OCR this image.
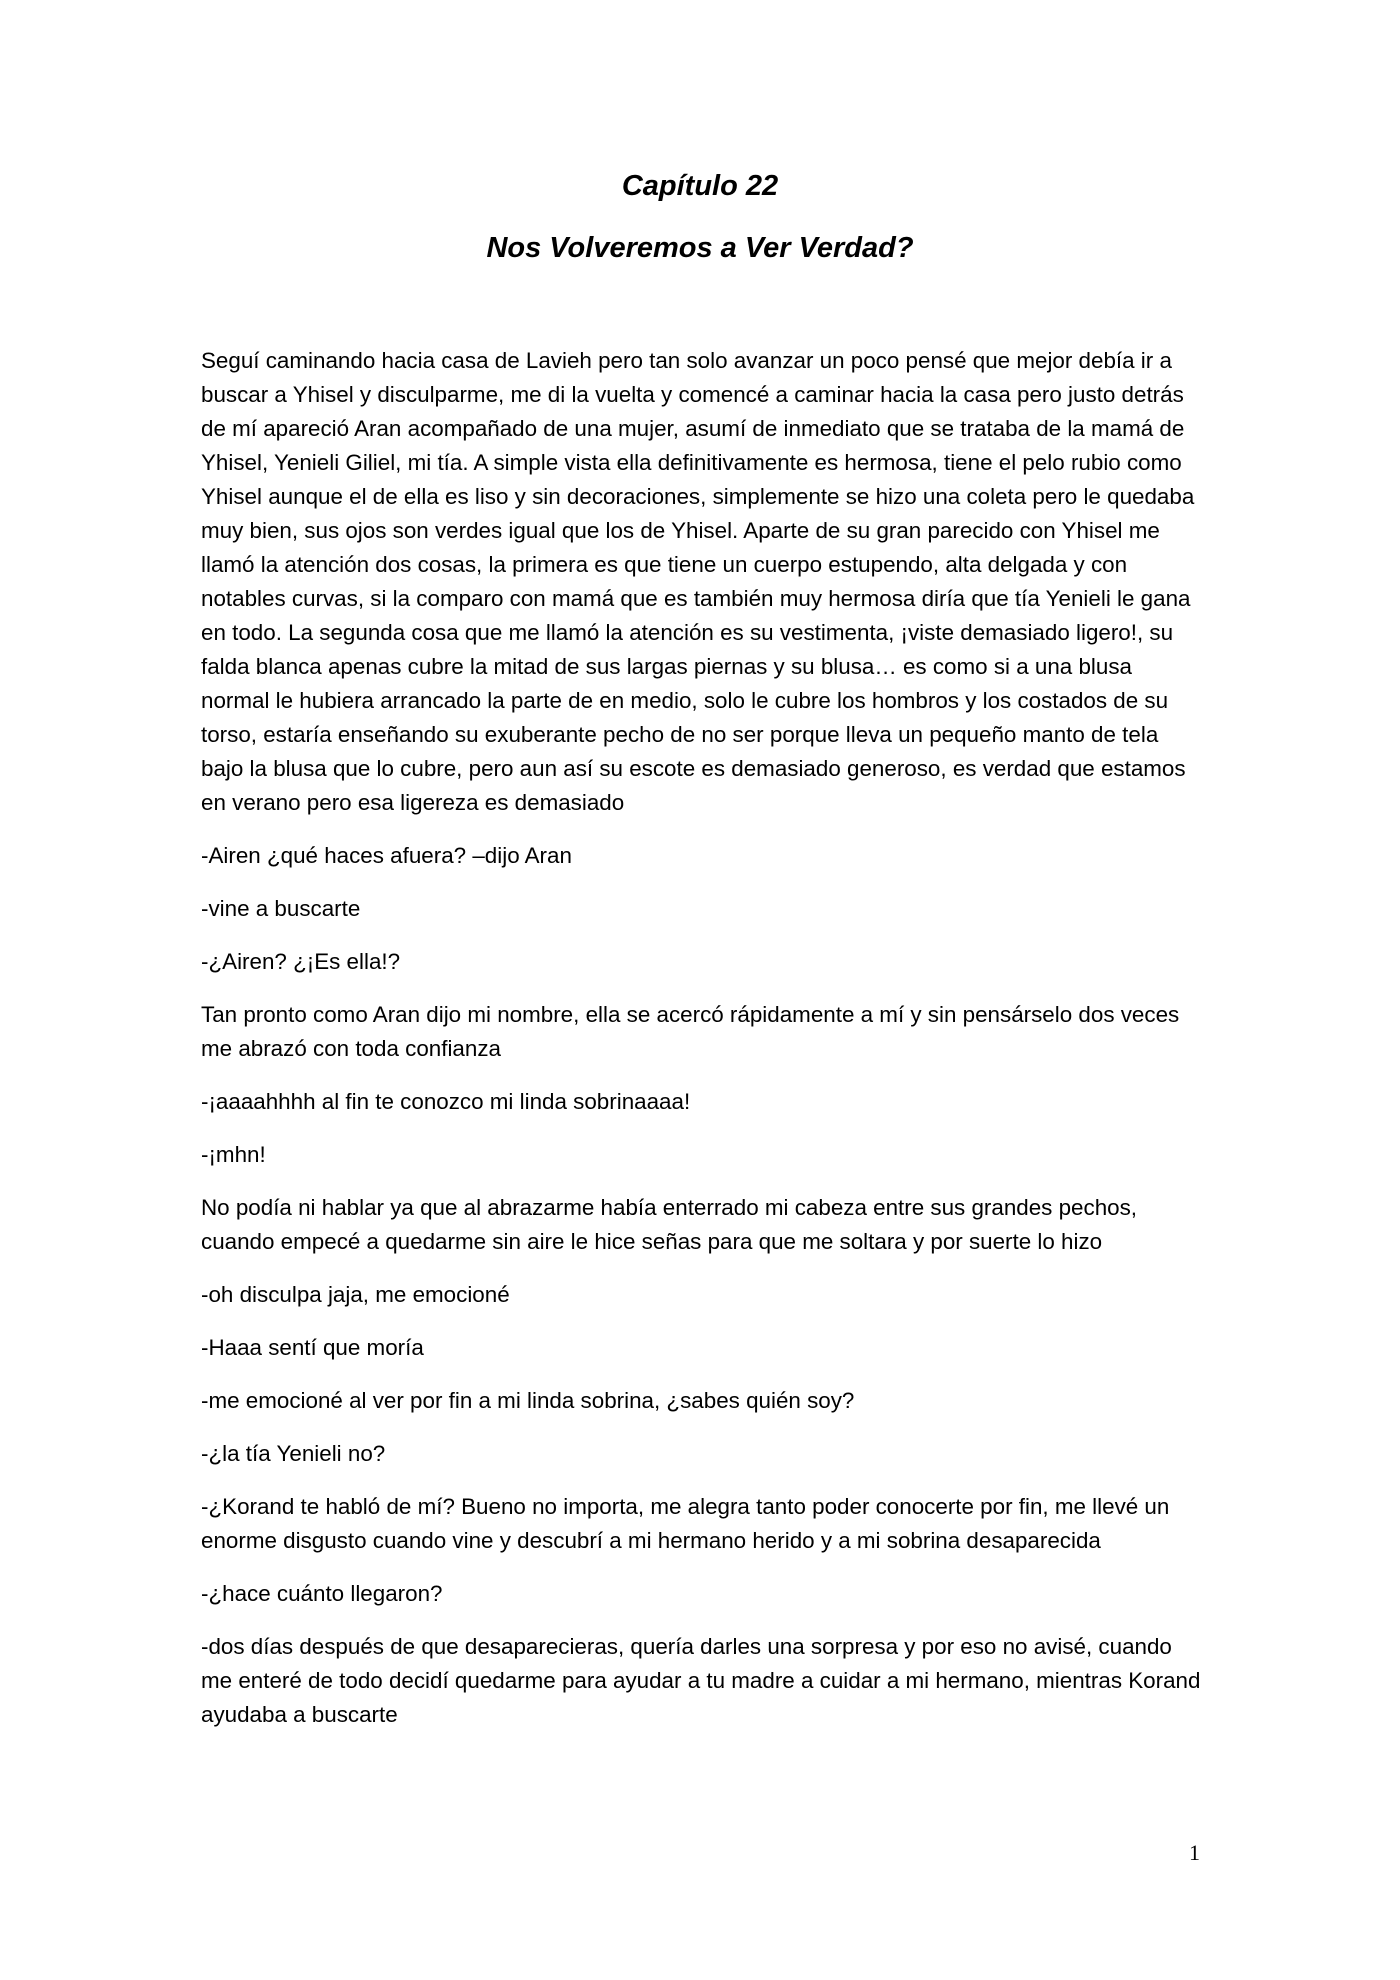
Capítulo 22
Nos Volveremos a Ver Verdad?

Seguí caminando hacia casa de Lavieh pero tan solo avanzar un poco pensé que mejor debía ir a buscar a Yhisel y disculparme, me di la vuelta y comencé a caminar hacia la casa pero justo detrás de mí apareció Aran acompañado de una mujer, asumí de inmediato que se trataba de la mamá de Yhisel, Yenieli Giliel, mi tía. A simple vista ella definitivamente es hermosa, tiene el pelo rubio como Yhisel aunque el de ella es liso y sin decoraciones, simplemente se hizo una coleta pero le quedaba muy bien, sus ojos son verdes igual que los de Yhisel. Aparte de su gran parecido con Yhisel me llamó la atención dos cosas, la primera es que tiene un cuerpo estupendo, alta delgada y con notables curvas, si la comparo con mamá que es también muy hermosa diría que tía Yenieli le gana en todo. La segunda cosa que me llamó la atención es su vestimenta, ¡viste demasiado ligero!, su falda blanca apenas cubre la mitad de sus largas piernas y su blusa… es como si a una blusa normal le hubiera arrancado la parte de en medio, solo le cubre los hombros y los costados de su torso, estaría enseñando su exuberante pecho de no ser porque lleva un pequeño manto de tela bajo la blusa que lo cubre, pero aun así su escote es demasiado generoso, es verdad que estamos en verano pero esa ligereza es demasiado

-Airen ¿qué haces afuera? –dijo Aran

-vine a buscarte

-¿Airen? ¿¡Es ella!?

Tan pronto como Aran dijo mi nombre, ella se acercó rápidamente a mí y sin pensárselo dos veces me abrazó con toda confianza

-¡aaaahhhh al fin te conozco mi linda sobrinaaaa!

-¡mhn!

No podía ni hablar ya que al abrazarme había enterrado mi cabeza entre sus grandes pechos, cuando empecé a quedarme sin aire le hice señas para que me soltara y por suerte lo hizo

-oh disculpa jaja, me emocioné

-Haaa sentí que moría

-me emocioné al ver por fin a mi linda sobrina, ¿sabes quién soy?

-¿la tía Yenieli no?

-¿Korand te habló de mí? Bueno no importa, me alegra tanto poder conocerte por fin, me llevé un enorme disgusto cuando vine y descubrí a mi hermano herido y a mi sobrina desaparecida

-¿hace cuánto llegaron?

-dos días después de que desaparecieras, quería darles una sorpresa y por eso no avisé, cuando me enteré de todo decidí quedarme para ayudar a tu madre a cuidar a mi hermano, mientras Korand ayudaba a buscarte

1
